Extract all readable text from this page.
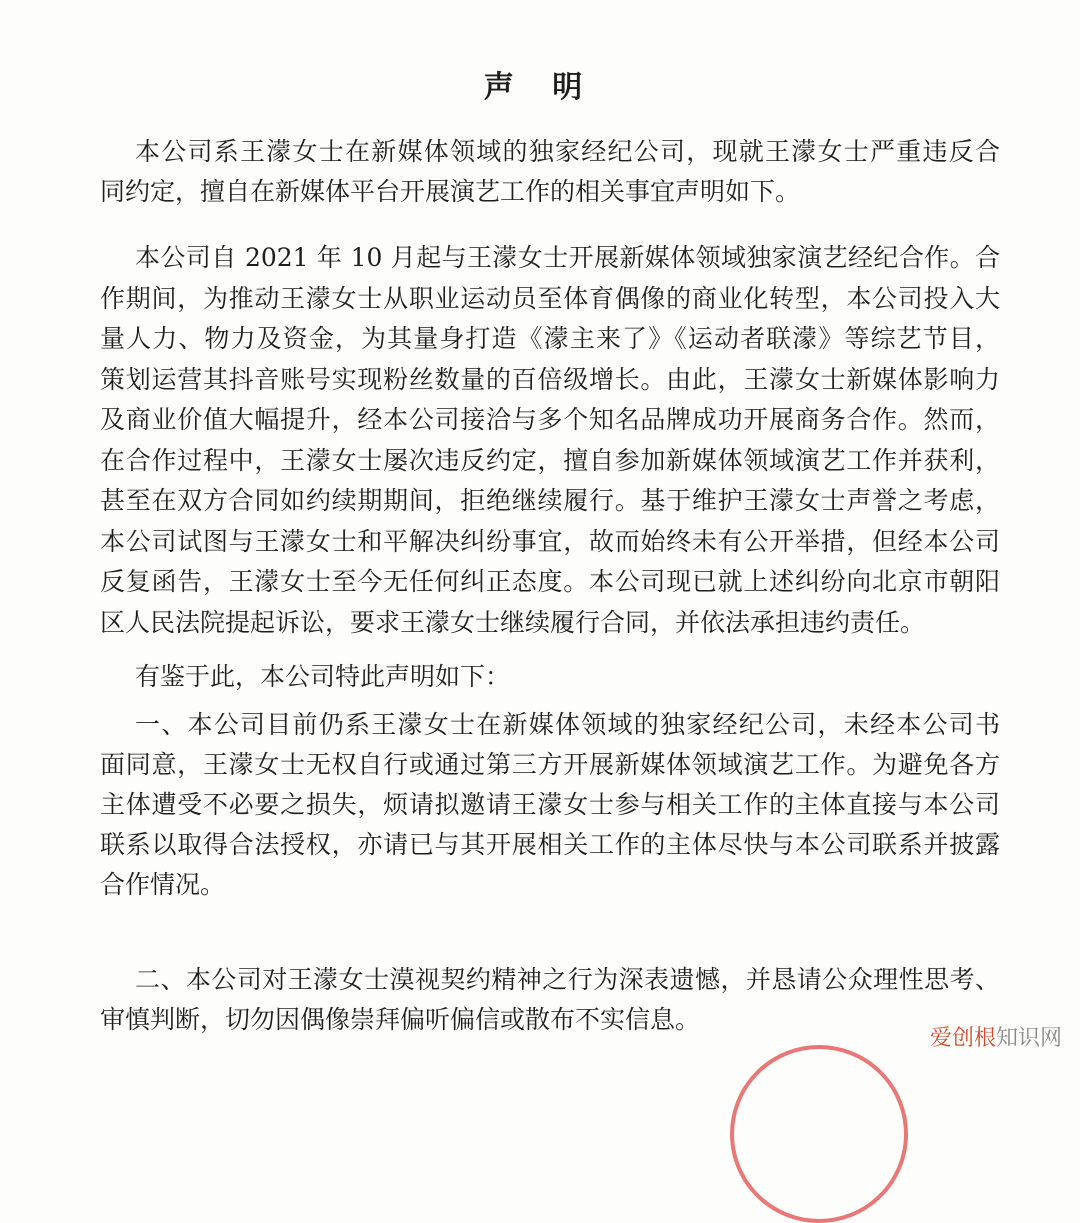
声 明
本公司系王濛女士在新媒体领域的独家经纪公司，现就王濛女士严重违反合
同约定，擅自在新媒体平台开展演艺工作的相关事宜声明如下。
本公司自 2021 年 10 月起与王濛女士开展新媒体领域独家演艺经纪合作。合
作期间，为推动王濛女士从职业运动员至体育偶像的商业化转型，本公司投入大
量人力、物力及资金，为其量身打造《濛主来了》《运动者联濛》等综艺节目，
策划运营其抖音账号实现粉丝数量的百倍级增长。由此，王濛女士新媒体影响力
及商业价值大幅提升，经本公司接洽与多个知名品牌成功开展商务合作。然而，
在合作过程中，王濛女士屡次违反约定，擅自参加新媒体领域演艺工作并获利，
甚至在双方合同如约续期期间，拒绝继续履行。基于维护王濛女士声誉之考虑，
本公司试图与王濛女士和平解决纠纷事宜，故而始终未有公开举措，但经本公司
反复函告，王濛女士至今无任何纠正态度。本公司现已就上述纠纷向北京市朝阳
区人民法院提起诉讼，要求王濛女士继续履行合同，并依法承担违约责任。
有鉴于此，本公司特此声明如下：
一、本公司目前仍系王濛女士在新媒体领域的独家经纪公司，未经本公司书
面同意，王濛女士无权自行或通过第三方开展新媒体领域演艺工作。为避免各方
主体遭受不必要之损失，烦请拟邀请王濛女士参与相关工作的主体直接与本公司
联系以取得合法授权，亦请已与其开展相关工作的主体尽快与本公司联系并披露
合作情况。
二、本公司对王濛女士漠视契约精神之行为深表遗憾，并恳请公众理性思考、
审慎判断，切勿因偶像崇拜偏听偏信或散布不实信息。
爱创根知识网
